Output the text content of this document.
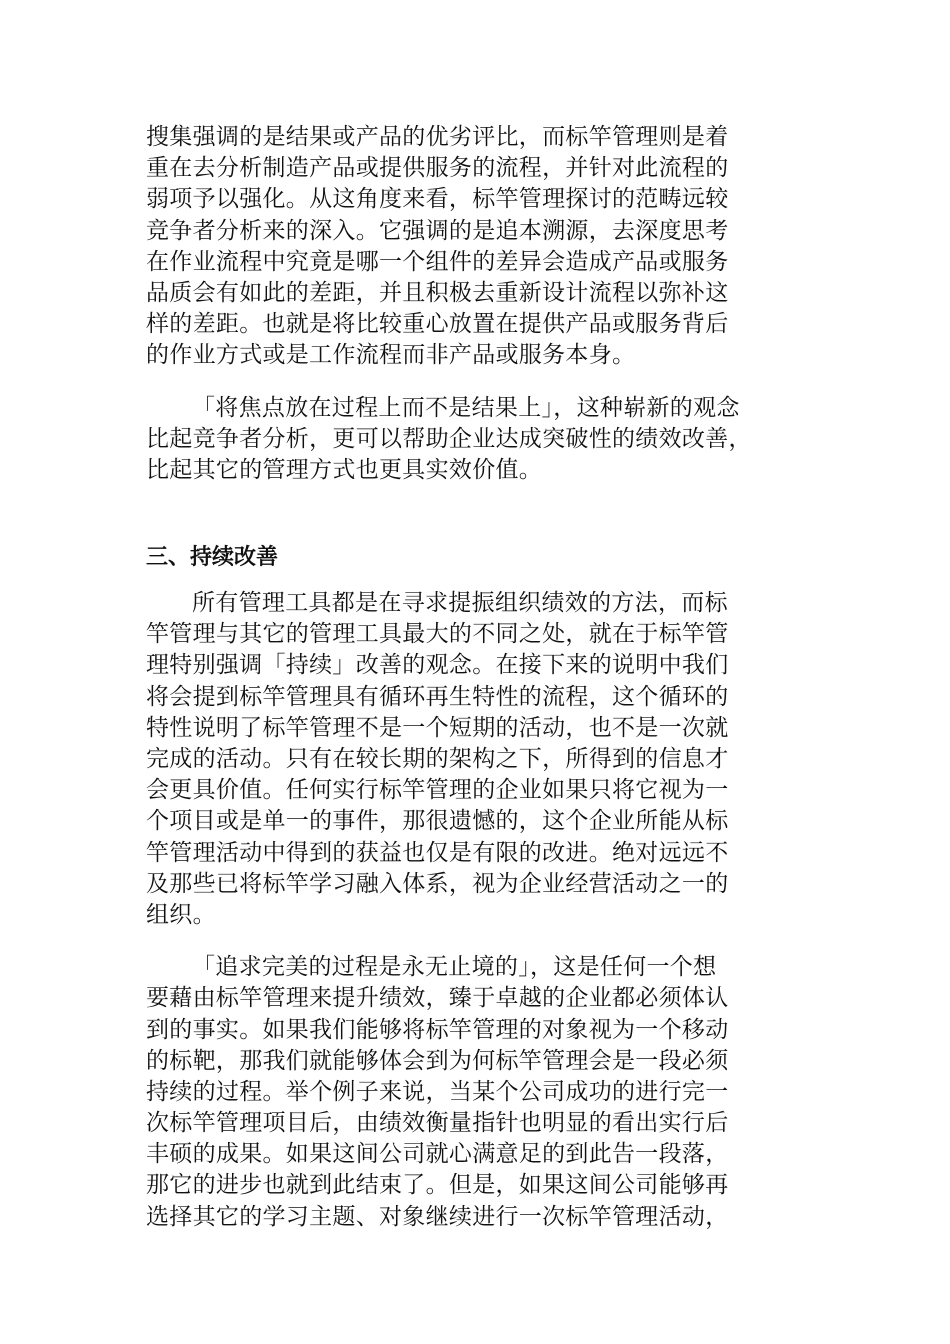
搜集强调的是结果或产品的优劣评比，而标竿管理则是着
重在去分析制造产品或提供服务的流程，并针对此流程的
弱项予以强化。从这角度来看，标竿管理探讨的范畴远较
竞争者分析来的深入。它强调的是追本溯源，去深度思考
在作业流程中究竟是哪一个组件的差异会造成产品或服务
品质会有如此的差距，并且积极去重新设计流程以弥补这
样的差距。也就是将比较重心放置在提供产品或服务背后
的作业方式或是工作流程而非产品或服务本身。
「将焦点放在过程上而不是结果上」，这种崭新的观念
比起竞争者分析，更可以帮助企业达成突破性的绩效改善，
比起其它的管理方式也更具实效价值。
三、持续改善
所有管理工具都是在寻求提振组织绩效的方法，而标
竿管理与其它的管理工具最大的不同之处，就在于标竿管
理特别强调「持续」改善的观念。在接下来的说明中我们
将会提到标竿管理具有循环再生特性的流程，这个循环的
特性说明了标竿管理不是一个短期的活动，也不是一次就
完成的活动。只有在较长期的架构之下，所得到的信息才
会更具价值。任何实行标竿管理的企业如果只将它视为一
个项目或是单一的事件，那很遗憾的，这个企业所能从标
竿管理活动中得到的获益也仅是有限的改进。绝对远远不
及那些已将标竿学习融入体系，视为企业经营活动之一的
组织。
「追求完美的过程是永无止境的」，这是任何一个想
要藉由标竿管理来提升绩效，臻于卓越的企业都必须体认
到的事实。如果我们能够将标竿管理的对象视为一个移动
的标靶，那我们就能够体会到为何标竿管理会是一段必须
持续的过程。举个例子来说，当某个公司成功的进行完一
次标竿管理项目后，由绩效衡量指针也明显的看出实行后
丰硕的成果。如果这间公司就心满意足的到此告一段落，
那它的进步也就到此结束了。但是，如果这间公司能够再
选择其它的学习主题、对象继续进行一次标竿管理活动，
